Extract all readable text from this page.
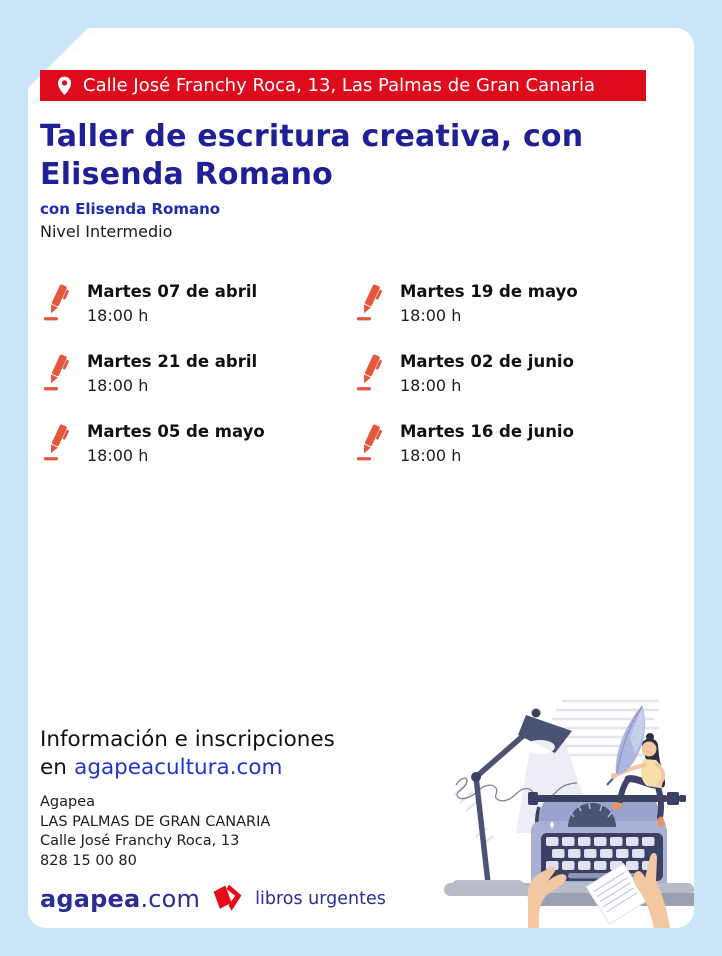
Calle José Franchy Roca, 13, Las Palmas de Gran Canaria
Taller de escritura creativa, con Elisenda Romano
con Elisenda Romano
Nivel Intermedio
Martes 07 de abril
18:00 h
Martes 19 de mayo
18:00 h
Martes 21 de abril
18:00 h
Martes 02 de junio
18:00 h
Martes 05 de mayo
18:00 h
Martes 16 de junio
18:00 h
Información e inscripciones
en agapeacultura.com
Agapea
LAS PALMAS DE GRAN CANARIA
Calle José Franchy Roca, 13
828 15 00 80
agapea.com	libros urgentes
